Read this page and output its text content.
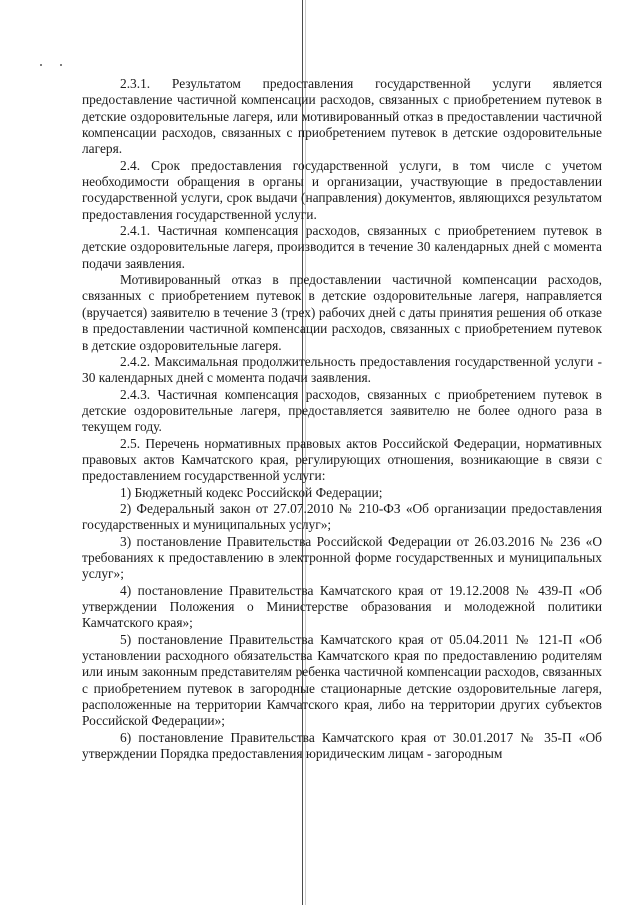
2.3.1. Результатом предоставления государственной услуги является предоставление частичной компенсации расходов, связанных с приобретением путевок в детские оздоровительные лагеря, или мотивированный отказ в предоставлении частичной компенсации расходов, связанных с приобретением путевок в детские оздоровительные лагеря.

2.4. Срок предоставления государственной услуги, в том числе с учетом необходимости обращения в органы и организации, участвующие в предоставлении государственной услуги, срок выдачи (направления) документов, являющихся результатом предоставления государственной услуги.

2.4.1. Частичная компенсация расходов, связанных с приобретением путевок в детские оздоровительные лагеря, производится в течение 30 календарных дней с момента подачи заявления.

Мотивированный отказ в предоставлении частичной компенсации расходов, связанных с приобретением путевок в детские оздоровительные лагеря, направляется (вручается) заявителю в течение 3 (трех) рабочих дней с даты принятия решения об отказе в предоставлении частичной компенсации расходов, связанных с приобретением путевок в детские оздоровительные лагеря.

2.4.2. Максимальная продолжительность предоставления государственной услуги - 30 календарных дней с момента подачи заявления.

2.4.3. Частичная компенсация расходов, связанных с приобретением путевок в детские оздоровительные лагеря, предоставляется заявителю не более одного раза в текущем году.

2.5. Перечень нормативных правовых актов Российской Федерации, нормативных правовых актов Камчатского края, регулирующих отношения, возникающие в связи с предоставлением государственной услуги:

1) Бюджетный кодекс Российской Федерации;

2) Федеральный закон от 27.07.2010 № 210-ФЗ «Об организации предоставления государственных и муниципальных услуг»;

3) постановление Правительства Российской Федерации от 26.03.2016 № 236 «О требованиях к предоставлению в электронной форме государственных и муниципальных услуг»;

4) постановление Правительства Камчатского края от 19.12.2008 № 439-П «Об утверждении Положения о Министерстве образования и молодежной политики Камчатского края»;

5) постановление Правительства Камчатского края от 05.04.2011 № 121-П «Об установлении расходного обязательства Камчатского края по предоставлению родителям или иным законным представителям ребенка частичной компенсации расходов, связанных с приобретением путевок в загородные стационарные детские оздоровительные лагеря, расположенные на территории Камчатского края, либо на территории других субъектов Российской Федерации»;

6) постановление Правительства Камчатского края от 30.01.2017 № 35-П «Об утверждении Порядка предоставления юридическим лицам - загородным
